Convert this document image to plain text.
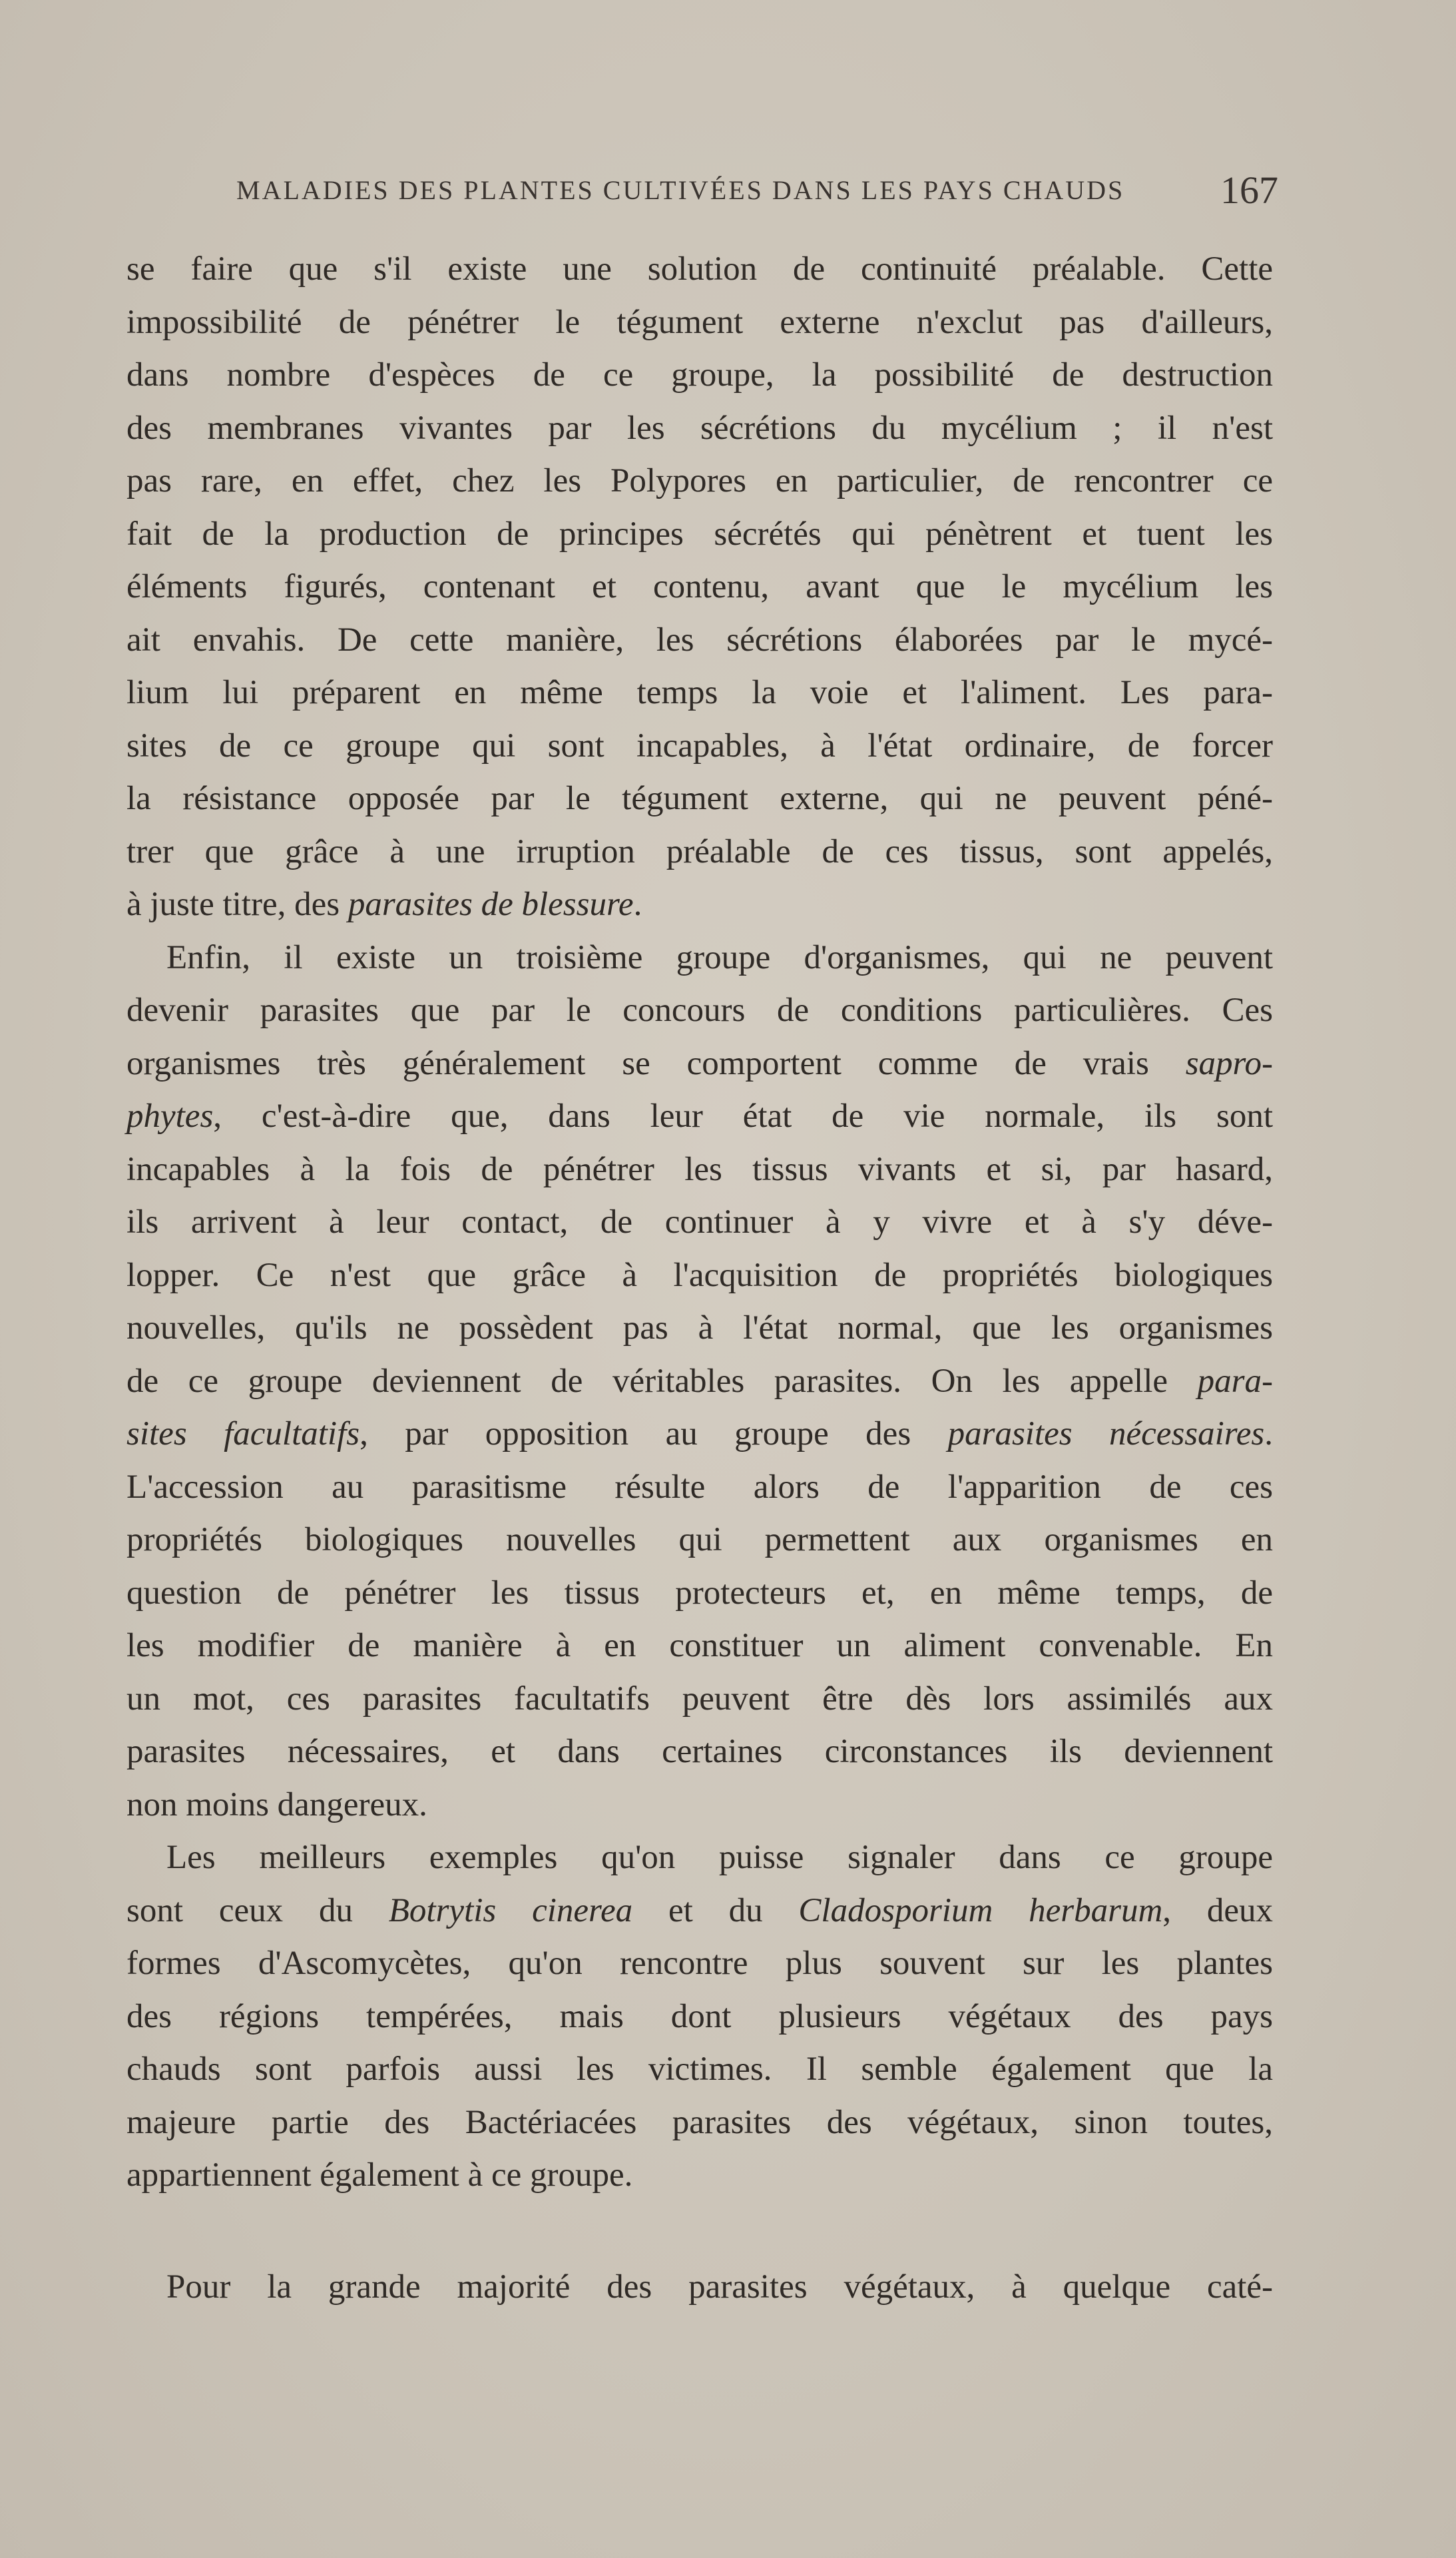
MALADIES DES PLANTES CULTIVÉES DANS LES PAYS CHAUDS 167
se faire que s'il existe une solution de continuité préalable. Cette
impossibilité de pénétrer le tégument externe n'exclut pas d'ailleurs,
dans nombre d'espèces de ce groupe, la possibilité de destruction
des membranes vivantes par les sécrétions du mycélium ; il n'est
pas rare, en effet, chez les Polypores en particulier, de rencontrer ce
fait de la production de principes sécrétés qui pénètrent et tuent les
éléments figurés, contenant et contenu, avant que le mycélium les
ait envahis. De cette manière, les sécrétions élaborées par le mycé-
lium lui préparent en même temps la voie et l'aliment. Les para-
sites de ce groupe qui sont incapables, à l'état ordinaire, de forcer
la résistance opposée par le tégument externe, qui ne peuvent péné-
trer que grâce à une irruption préalable de ces tissus, sont appelés,
à juste titre, des parasites de blessure.
Enfin, il existe un troisième groupe d'organismes, qui ne peuvent
devenir parasites que par le concours de conditions particulières. Ces
organismes très généralement se comportent comme de vrais sapro-
phytes, c'est-à-dire que, dans leur état de vie normale, ils sont
incapables à la fois de pénétrer les tissus vivants et si, par hasard,
ils arrivent à leur contact, de continuer à y vivre et à s'y déve-
lopper. Ce n'est que grâce à l'acquisition de propriétés biologiques
nouvelles, qu'ils ne possèdent pas à l'état normal, que les organismes
de ce groupe deviennent de véritables parasites. On les appelle para-
sites facultatifs, par opposition au groupe des parasites nécessaires.
L'accession au parasitisme résulte alors de l'apparition de ces
propriétés biologiques nouvelles qui permettent aux organismes en
question de pénétrer les tissus protecteurs et, en même temps, de
les modifier de manière à en constituer un aliment convenable. En
un mot, ces parasites facultatifs peuvent être dès lors assimilés aux
parasites nécessaires, et dans certaines circonstances ils deviennent
non moins dangereux.
Les meilleurs exemples qu'on puisse signaler dans ce groupe
sont ceux du Botrytis cinerea et du Cladosporium herbarum, deux
formes d'Ascomycètes, qu'on rencontre plus souvent sur les plantes
des régions tempérées, mais dont plusieurs végétaux des pays
chauds sont parfois aussi les victimes. Il semble également que la
majeure partie des Bactériacées parasites des végétaux, sinon toutes,
appartiennent également à ce groupe.
Pour la grande majorité des parasites végétaux, à quelque caté-
